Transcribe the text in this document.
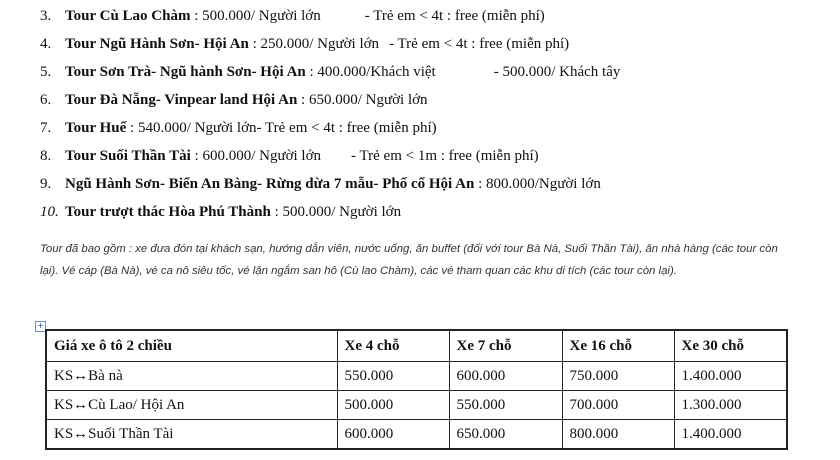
3. Tour Cù Lao Chàm : 500.000/ Người lớn	- Trẻ em < 4t : free (miễn phí)
4. Tour Ngũ Hành Sơn- Hội An : 250.000/ Người lớn - Trẻ em < 4t : free (miễn phí)
5. Tour Sơn Trà- Ngũ hành Sơn- Hội An : 400.000/Khách việt	- 500.000/ Khách tây
6. Tour Đà Nẵng- Vinpear land Hội An : 650.000/ Người lớn
7. Tour Huế : 540.000/ Người lớn- Trẻ em < 4t : free (miễn phí)
8. Tour Suối Thần Tài : 600.000/ Người lớn - Trẻ em < 1m : free (miễn phí)
9. Ngũ Hành Sơn- Biển An Bàng- Rừng dừa 7 mẫu- Phố cổ Hội An : 800.000/Người lớn
10. Tour trượt thác Hòa Phú Thành : 500.000/ Người lớn
Tour đã bao gồm : xe đưa đón tại khách sạn, hướng dẫn viên, nước uống, ăn buffet (đối với tour Bà Nà, Suối Thần Tài), ăn nhà hàng (các tour còn lại). Vé cáp (Bà Nà), vé ca nô siêu tốc, vé lặn ngắm san hô (Cù lao Chàm), các vé tham quan các khu di tích (các tour còn lại).
+
Giá xe ô tô 2 chiều	Xe 4 chỗ	Xe 7 chỗ	Xe 16 chỗ	Xe 30 chỗ
KS↔Bà nà	550.000	600.000	750.000	1.400.000
KS↔Cù Lao/ Hội An	500.000	550.000	700.000	1.300.000
KS↔Suối Thần Tài	600.000	650.000	800.000	1.400.000
